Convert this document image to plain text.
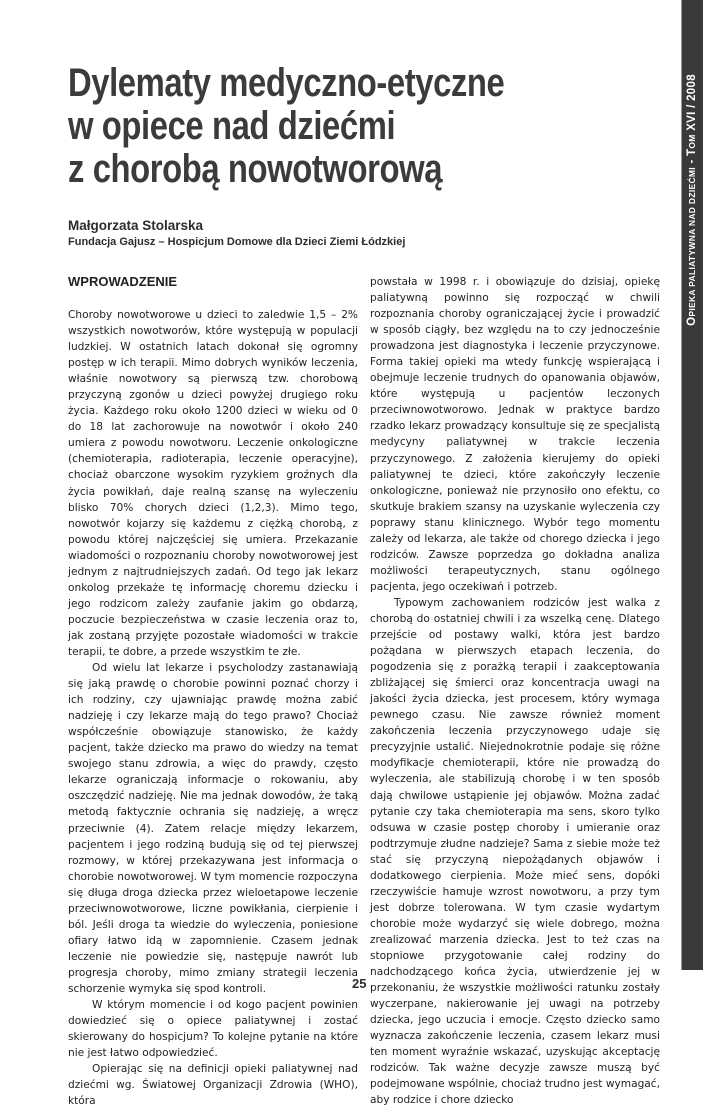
OPIEKA PALIATYWNA NAD DZIEĆMI - TOM XVI / 2008
Dylematy medyczno-etyczne
w opiece nad dziećmi
z chorobą nowotworową
Małgorzata Stolarska
Fundacja Gajusz – Hospicjum Domowe dla Dzieci Ziemi Łódzkiej
WPROWADZENIE

Choroby nowotworowe u dzieci to zaledwie 1,5 – 2% wszystkich nowotworów, które występują w populacji ludzkiej. W ostatnich latach dokonał się ogromny postęp w ich terapii. Mimo dobrych wyników leczenia, właśnie nowotwory są pierwszą tzw. chorobową przyczyną zgonów u dzieci powyżej drugiego roku życia. Każdego roku około 1200 dzieci w wieku od 0 do 18 lat zachorowuje na nowotwór i około 240 umiera z powodu nowotworu. Leczenie onkologiczne (chemioterapia, radioterapia, leczenie operacyjne), chociaż obarczone wysokim ryzykiem groźnych dla życia powikłań, daje realną szansę na wyleczeniu blisko 70% chorych dzieci (1,2,3). Mimo tego, nowotwór kojarzy się każdemu z ciężką chorobą, z powodu której najczęściej się umiera. Przekazanie wiadomości o rozpoznaniu choroby nowotworowej jest jednym z najtrudniejszych zadań. Od tego jak lekarz onkolog przekaże tę informację choremu dziecku i jego rodzicom zależy zaufanie jakim go obdarzą, poczucie bezpieczeństwa w czasie leczenia oraz to, jak zostaną przyjęte pozostałe wiadomości w trakcie terapii, te dobre, a przede wszystkim te złe.

Od wielu lat lekarze i psycholodzy zastanawiają się jaką prawdę o chorobie powinni poznać chorzy i ich rodziny, czy ujawniając prawdę można zabić nadzieję i czy lekarze mają do tego prawo? Chociaż współcześnie obowiązuje stanowisko, że każdy pacjent, także dziecko ma prawo do wiedzy na temat swojego stanu zdrowia, a więc do prawdy, często lekarze ograniczają informacje o rokowaniu, aby oszczędzić nadzieję. Nie ma jednak dowodów, że taką metodą faktycznie ochrania się nadzieję, a wręcz przeciwnie (4). Zatem relacje między lekarzem, pacjentem i jego rodziną budują się od tej pierwszej rozmowy, w której przekazywana jest informacja o chorobie nowotworowej. W tym momencie rozpoczyna się długa droga dziecka przez wieloetapowe leczenie przeciwnowotworowe, liczne powikłania, cierpienie i ból. Jeśli droga ta wiedzie do wyleczenia, poniesione ofiary łatwo idą w zapomnienie. Czasem jednak leczenie nie powiedzie się, następuje nawrót lub progresja choroby, mimo zmiany strategii leczenia schorzenie wymyka się spod kontroli.

W którym momencie i od kogo pacjent powinien dowiedzieć się o opiece paliatywnej i zostać skierowany do hospicjum? To kolejne pytanie na które nie jest łatwo odpowiedzieć.

Opierając się na definicji opieki paliatywnej nad dziećmi wg. Światowej Organizacji Zdrowia (WHO), która

powstała w 1998 r. i obowiązuje do dzisiaj, opiekę paliatywną powinno się rozpocząć w chwili rozpoznania choroby ograniczającej życie i prowadzić w sposób ciągły, bez względu na to czy jednocześnie prowadzona jest diagnostyka i leczenie przyczynowe. Forma takiej opieki ma wtedy funkcję wspierającą i obejmuje leczenie trudnych do opanowania objawów, które występują u pacjentów leczonych przeciwnowotworowo. Jednak w praktyce bardzo rzadko lekarz prowadzący konsultuje się ze specjalistą medycyny paliatywnej w trakcie leczenia przyczynowego. Z założenia kierujemy do opieki paliatywnej te dzieci, które zakończyły leczenie onkologiczne, ponieważ nie przynosiło ono efektu, co skutkuje brakiem szansy na uzyskanie wyleczenia czy poprawy stanu klinicznego. Wybór tego momentu zależy od lekarza, ale także od chorego dziecka i jego rodziców. Zawsze poprzedza go dokładna analiza możliwości terapeutycznych, stanu ogólnego pacjenta, jego oczekiwań i potrzeb.

Typowym zachowaniem rodziców jest walka z chorobą do ostatniej chwili i za wszelką cenę. Dlatego przejście od postawy walki, która jest bardzo pożądana w pierwszych etapach leczenia, do pogodzenia się z porażką terapii i zaakceptowania zbliżającej się śmierci oraz koncentracja uwagi na jakości życia dziecka, jest procesem, który wymaga pewnego czasu. Nie zawsze również moment zakończenia leczenia przyczynowego udaje się precyzyjnie ustalić. Niejednokrotnie podaje się różne modyfikacje chemioterapii, które nie prowadzą do wyleczenia, ale stabilizują chorobę i w ten sposób dają chwilowe ustąpienie jej objawów. Można zadać pytanie czy taka chemioterapia ma sens, skoro tylko odsuwa w czasie postęp choroby i umieranie oraz podtrzymuje złudne nadzieje? Sama z siebie może też stać się przyczyną niepożądanych objawów i dodatkowego cierpienia. Może mieć sens, dopóki rzeczywiście hamuje wzrost nowotworu, a przy tym jest dobrze tolerowana. W tym czasie wydartym chorobie może wydarzyć się wiele dobrego, można zrealizować marzenia dziecka. Jest to też czas na stopniowe przygotowanie całej rodziny do nadchodzącego końca życia, utwierdzenie jej w przekonaniu, że wszystkie możliwości ratunku zostały wyczerpane, nakierowanie jej uwagi na potrzeby dziecka, jego uczucia i emocje. Często dziecko samo wyznacza zakończenie leczenia, czasem lekarz musi ten moment wyraźnie wskazać, uzyskując akceptację rodziców. Tak ważne decyzje zawsze muszą być podejmowane wspólnie, chociaż trudno jest wymagać, aby rodzice i chore dziecko

25
